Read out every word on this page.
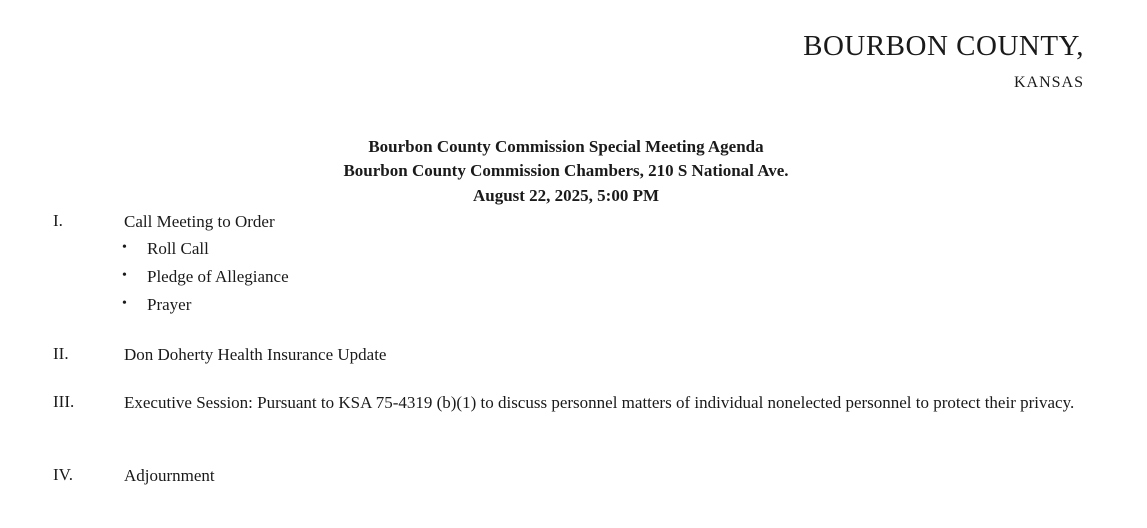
BOURBON COUNTY,
KANSAS
Bourbon County Commission Special Meeting Agenda
Bourbon County Commission Chambers, 210 S National Ave.
August 22, 2025, 5:00 PM
I.	Call Meeting to Order
• Roll Call
• Pledge of Allegiance
• Prayer
II.	Don Doherty Health Insurance Update
III.	Executive Session: Pursuant to KSA 75-4319 (b)(1) to discuss personnel matters of individual nonelected personnel to protect their privacy.
IV.	Adjournment
